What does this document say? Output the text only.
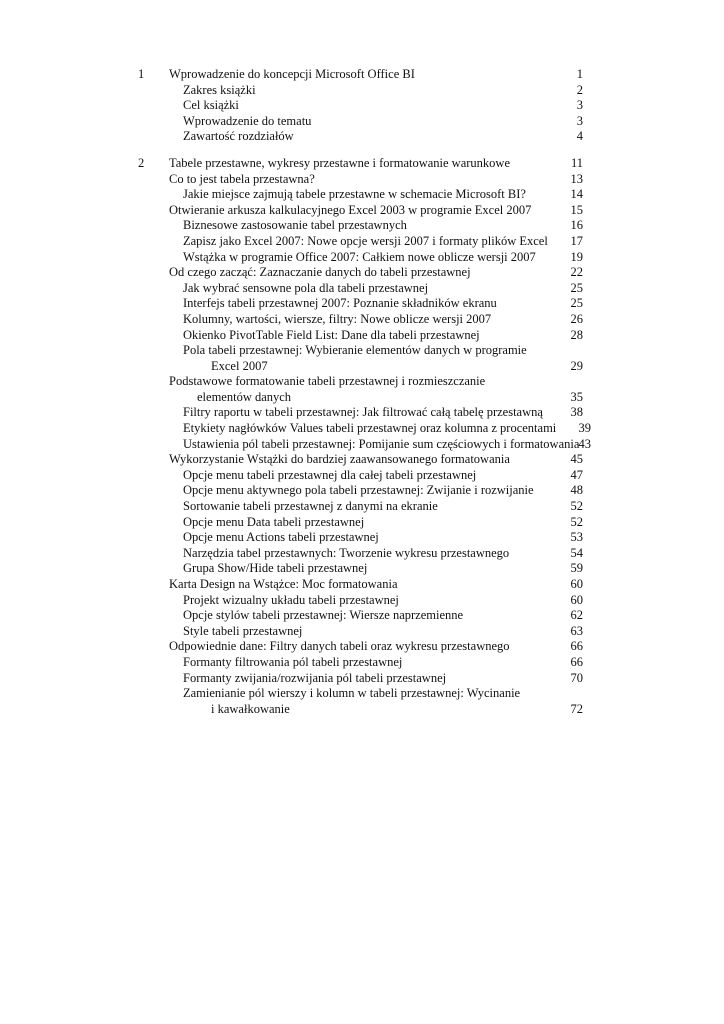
1 Wprowadzenie do koncepcji Microsoft Office BI	1
Zakres książki	2
Cel książki	3
Wprowadzenie do tematu	3
Zawartość rozdziałów	4
2 Tabele przestawne, wykresy przestawne i formatowanie warunkowe	11
Co to jest tabela przestawna?	13
Jakie miejsce zajmują tabele przestawne w schemacie Microsoft BI?	14
Otwieranie arkusza kalkulacyjnego Excel 2003 w programie Excel 2007	15
Biznesowe zastosowanie tabel przestawnych	16
Zapisz jako Excel 2007: Nowe opcje wersji 2007 i formaty plików Excel 17
Wstążka w programie Office 2007: Całkiem nowe oblicze wersji 2007	19
Od czego zacząć: Zaznaczanie danych do tabeli przestawnej	22
Jak wybrać sensowne pola dla tabeli przestawnej	25
Interfejs tabeli przestawnej 2007: Poznanie składników ekranu	25
Kolumny, wartości, wiersze, filtry: Nowe oblicze wersji 2007	26
Okienko PivotTable Field List: Dane dla tabeli przestawnej	28
Pola tabeli przestawnej: Wybieranie elementów danych w programie
Excel 2007	29
Podstawowe formatowanie tabeli przestawnej i rozmieszczanie
elementów danych	35
Filtry raportu w tabeli przestawnej: Jak filtrować całą tabelę przestawną 38
Etykiety nagłówków Values tabeli przestawnej oraz kolumna z procentami 39
Ustawienia pól tabeli przestawnej: Pomijanie sum częściowych i formatowania 43
Wykorzystanie Wstążki do bardziej zaawansowanego formatowania	45
Opcje menu tabeli przestawnej dla całej tabeli przestawnej	47
Opcje menu aktywnego pola tabeli przestawnej: Zwijanie i rozwijanie	48
Sortowanie tabeli przestawnej z danymi na ekranie	52
Opcje menu Data tabeli przestawnej	52
Opcje menu Actions tabeli przestawnej	53
Narzędzia tabel przestawnych: Tworzenie wykresu przestawnego	54
Grupa Show/Hide tabeli przestawnej	59
Karta Design na Wstążce: Moc formatowania	60
Projekt wizualny układu tabeli przestawnej	60
Opcje stylów tabeli przestawnej: Wiersze naprzemienne	62
Style tabeli przestawnej	63
Odpowiednie dane: Filtry danych tabeli oraz wykresu przestawnego	66
Formanty filtrowania pól tabeli przestawnej	66
Formanty zwijania/rozwijania pól tabeli przestawnej	70
Zamienianie pól wierszy i kolumn w tabeli przestawnej: Wycinanie
i kawałkowanie	72
